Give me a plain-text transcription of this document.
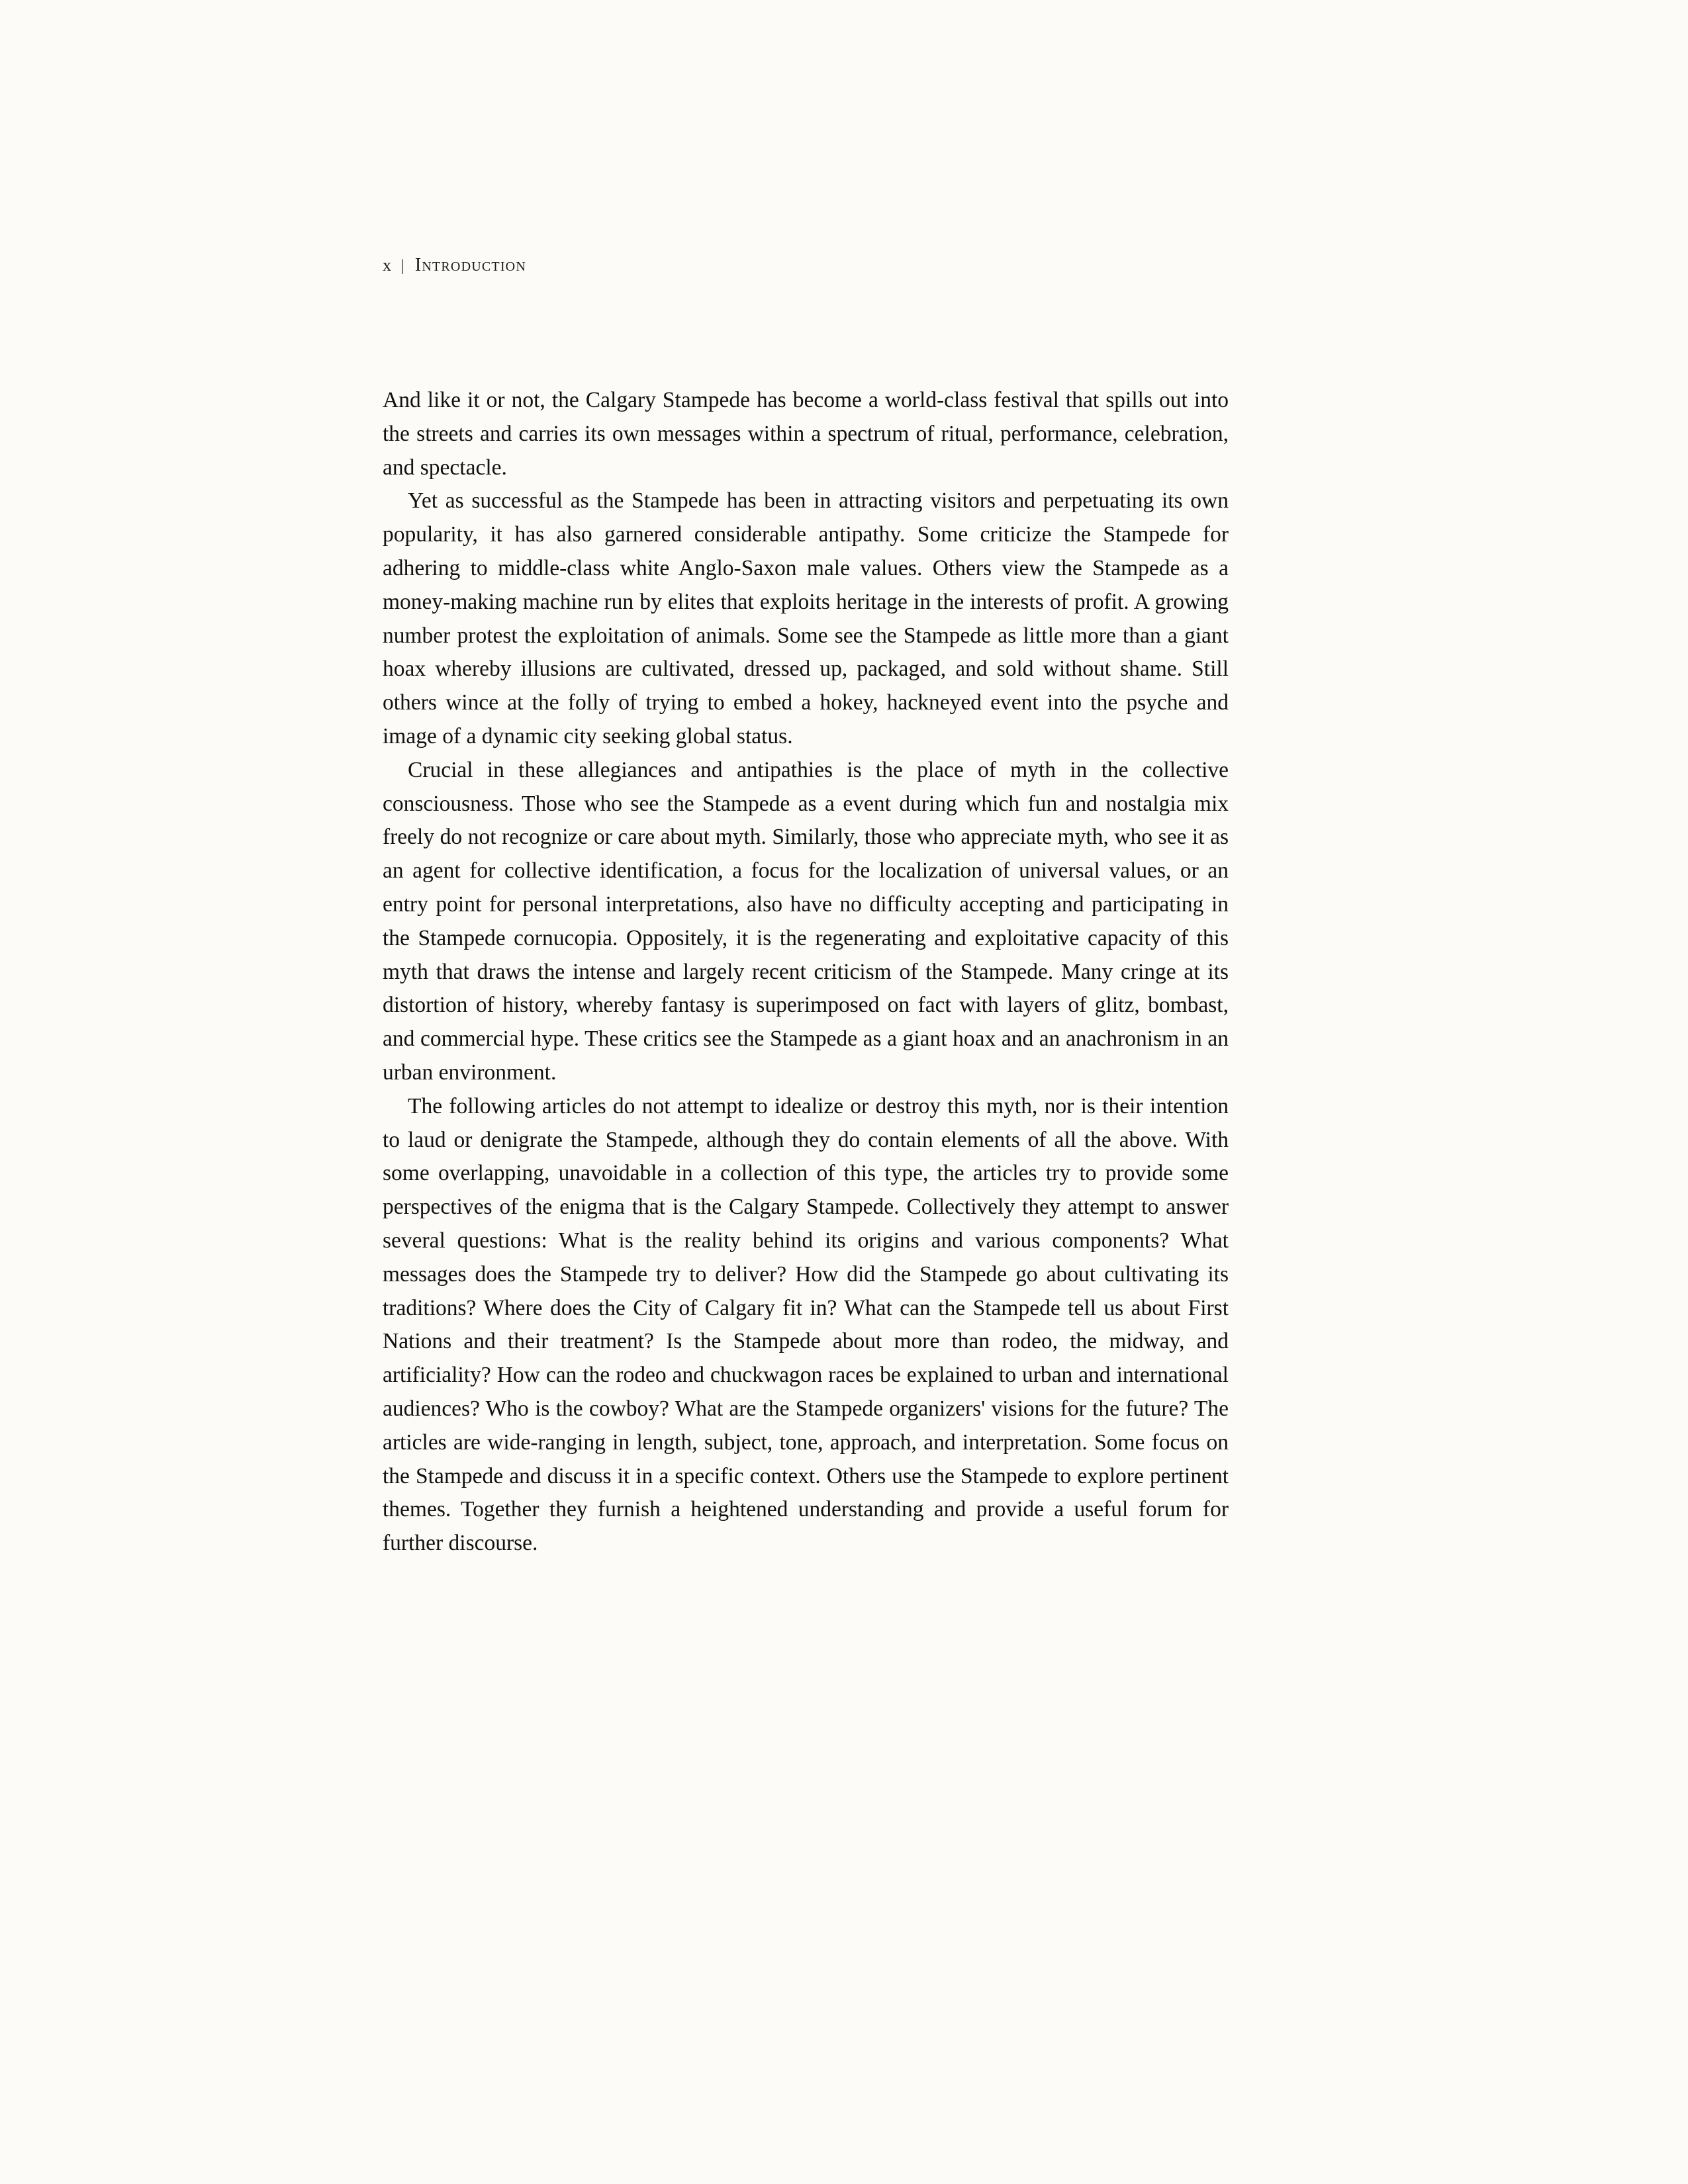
x | Introduction

And like it or not, the Calgary Stampede has become a world-class festival that spills out into the streets and carries its own messages within a spectrum of ritual, performance, celebration, and spectacle.

Yet as successful as the Stampede has been in attracting visitors and perpetuating its own popularity, it has also garnered considerable antipathy. Some criticize the Stampede for adhering to middle-class white Anglo-Saxon male values. Others view the Stampede as a money-making machine run by elites that exploits heritage in the interests of profit. A growing number protest the exploitation of animals. Some see the Stampede as little more than a giant hoax whereby illusions are cultivated, dressed up, packaged, and sold without shame. Still others wince at the folly of trying to embed a hokey, hackneyed event into the psyche and image of a dynamic city seeking global status.

Crucial in these allegiances and antipathies is the place of myth in the collective consciousness. Those who see the Stampede as a event during which fun and nostalgia mix freely do not recognize or care about myth. Similarly, those who appreciate myth, who see it as an agent for collective identification, a focus for the localization of universal values, or an entry point for personal interpretations, also have no difficulty accepting and participating in the Stampede cornucopia. Oppositely, it is the regenerating and exploitative capacity of this myth that draws the intense and largely recent criticism of the Stampede. Many cringe at its distortion of history, whereby fantasy is superimposed on fact with layers of glitz, bombast, and commercial hype. These critics see the Stampede as a giant hoax and an anachronism in an urban environment.

The following articles do not attempt to idealize or destroy this myth, nor is their intention to laud or denigrate the Stampede, although they do contain elements of all the above. With some overlapping, unavoidable in a collection of this type, the articles try to provide some perspectives of the enigma that is the Calgary Stampede. Collectively they attempt to answer several questions: What is the reality behind its origins and various components? What messages does the Stampede try to deliver? How did the Stampede go about cultivating its traditions? Where does the City of Calgary fit in? What can the Stampede tell us about First Nations and their treatment? Is the Stampede about more than rodeo, the midway, and artificiality? How can the rodeo and chuckwagon races be explained to urban and international audiences? Who is the cowboy? What are the Stampede organizers' visions for the future? The articles are wide-ranging in length, subject, tone, approach, and interpretation. Some focus on the Stampede and discuss it in a specific context. Others use the Stampede to explore pertinent themes. Together they furnish a heightened understanding and provide a useful forum for further discourse.
